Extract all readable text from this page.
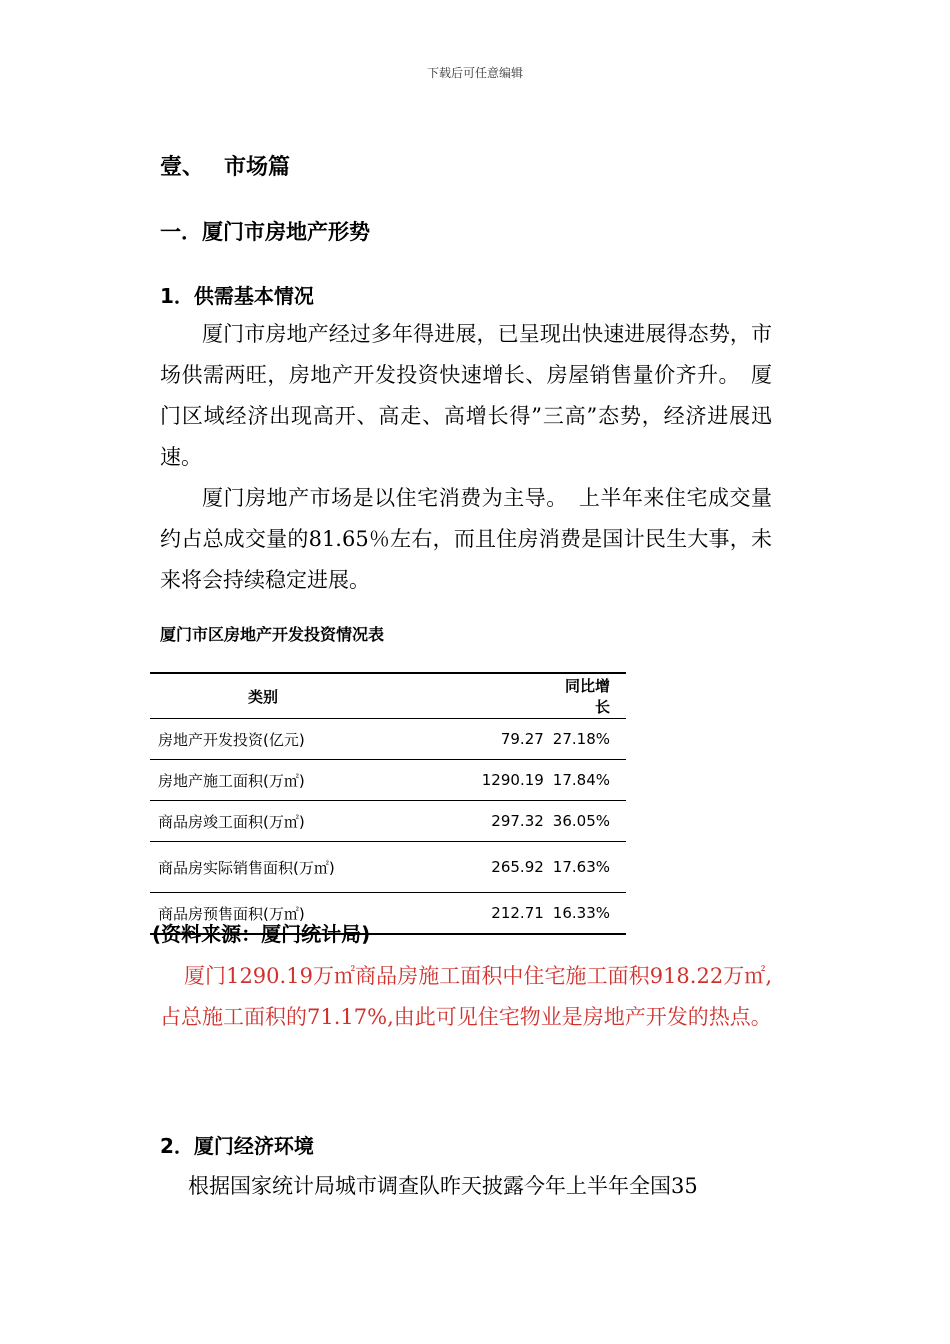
下载后可任意编辑
壹、 市场篇
一．厦门市房地产形势
1．供需基本情况
厦门市房地产经过多年得进展，已呈现出快速进展得态势，市场供需两旺，房地产开发投资快速增长、房屋销售量价齐升。　厦门区域经济出现高开、高走、高增长得”三高”态势，经济进展迅速。
厦门房地产市场是以住宅消费为主导。　上半年来住宅成交量约占总成交量的81.65％左右，而且住房消费是国计民生大事，未来将会持续稳定进展。
厦门市区房地产开发投资情况表
类别		同比增长
房地产开发投资(亿元)	79.27	27.18%
房地产施工面积(万㎡)	1290.19	17.84%
商品房竣工面积(万㎡)	297.32	36.05%
商品房实际销售面积(万㎡)	265.92	17.63%
商品房预售面积(万㎡)	212.71	16.33%
(资料来源：厦门统计局)
厦门1290.19万㎡商品房施工面积中住宅施工面积918.22万㎡,占总施工面积的71.17%,由此可见住宅物业是房地产开发的热点。
2．厦门经济环境
根据国家统计局城市调查队昨天披露今年上半年全国35
